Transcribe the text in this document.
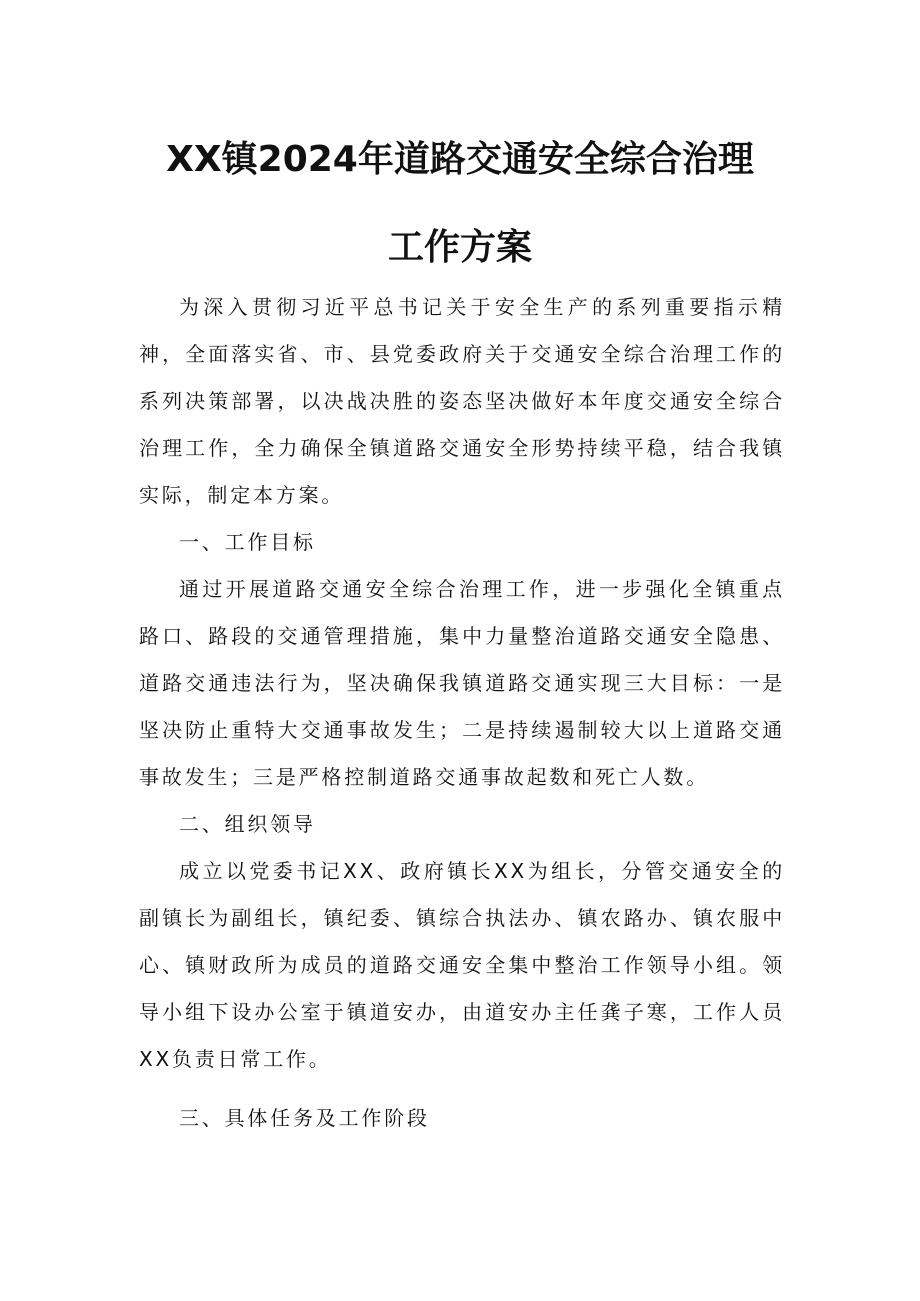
XX镇2024年道路交通安全综合治理
工作方案

为深入贯彻习近平总书记关于安全生产的系列重要指示精神，全面落实省、市、县党委政府关于交通安全综合治理工作的系列决策部署，以决战决胜的姿态坚决做好本年度交通安全综合治理工作，全力确保全镇道路交通安全形势持续平稳，结合我镇实际，制定本方案。

一、工作目标

通过开展道路交通安全综合治理工作，进一步强化全镇重点路口、路段的交通管理措施，集中力量整治道路交通安全隐患、道路交通违法行为，坚决确保我镇道路交通实现三大目标：一是坚决防止重特大交通事故发生；二是持续遏制较大以上道路交通事故发生；三是严格控制道路交通事故起数和死亡人数。

二、组织领导

成立以党委书记XX、政府镇长XX为组长，分管交通安全的副镇长为副组长，镇纪委、镇综合执法办、镇农路办、镇农服中心、镇财政所为成员的道路交通安全集中整治工作领导小组。领导小组下设办公室于镇道安办，由道安办主任龚子寒，工作人员XX负责日常工作。

三、具体任务及工作阶段
